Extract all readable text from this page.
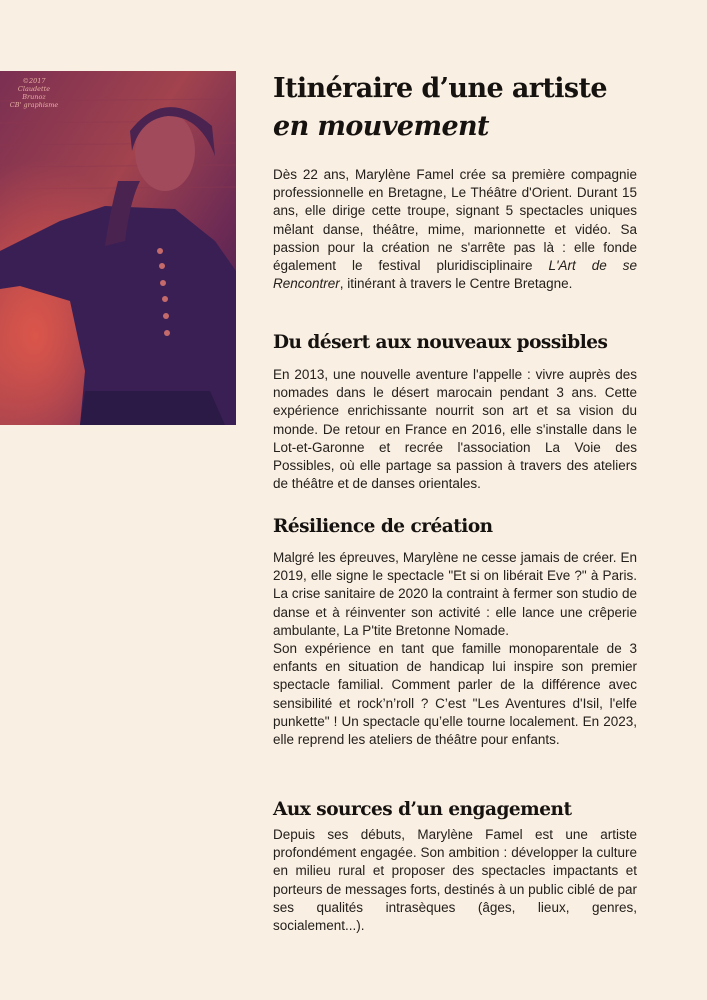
©2017
Claudette Brunoz
CB' graphisme
Itinéraire d’une artiste
en mouvement

Dès 22 ans, Marylène Famel crée sa première compagnie professionnelle en Bretagne, Le Théâtre d'Orient. Durant 15 ans, elle dirige cette troupe, signant 5 spectacles uniques mêlant danse, théâtre, mime, marionnette et vidéo. Sa passion pour la création ne s'arrête pas là : elle fonde également le festival pluridisciplinaire L'Art de se Rencontrer, itinérant à travers le Centre Bretagne.

Du désert aux nouveaux possibles

En 2013, une nouvelle aventure l'appelle : vivre auprès des nomades dans le désert marocain pendant 3 ans. Cette expérience enrichissante nourrit son art et sa vision du monde. De retour en France en 2016, elle s'installe dans le Lot-et-Garonne et recrée l'association La Voie des Possibles, où elle partage sa passion à travers des ateliers de théâtre et de danses orientales.

Résilience de création

Malgré les épreuves, Marylène ne cesse jamais de créer. En 2019, elle signe le spectacle "Et si on libérait Eve ?" à Paris. La crise sanitaire de 2020 la contraint à fermer son studio de danse et à réinventer son activité : elle lance une crêperie ambulante, La P'tite Bretonne Nomade.

Son expérience en tant que famille monoparentale de 3 enfants en situation de handicap lui inspire son premier spectacle familial. Comment parler de la différence avec sensibilité et rock’n’roll ? C’est "Les Aventures d'Isil, l'elfe punkette" ! Un spectacle qu’elle tourne localement. En 2023, elle reprend les ateliers de théâtre pour enfants.

Aux sources d’un engagement

Depuis ses débuts, Marylène Famel est une artiste profondément engagée. Son ambition : développer la culture en milieu rural et proposer des spectacles impactants et porteurs de messages forts, destinés à un public ciblé de par ses qualités intrasèques (âges, lieux, genres, socialement...).
